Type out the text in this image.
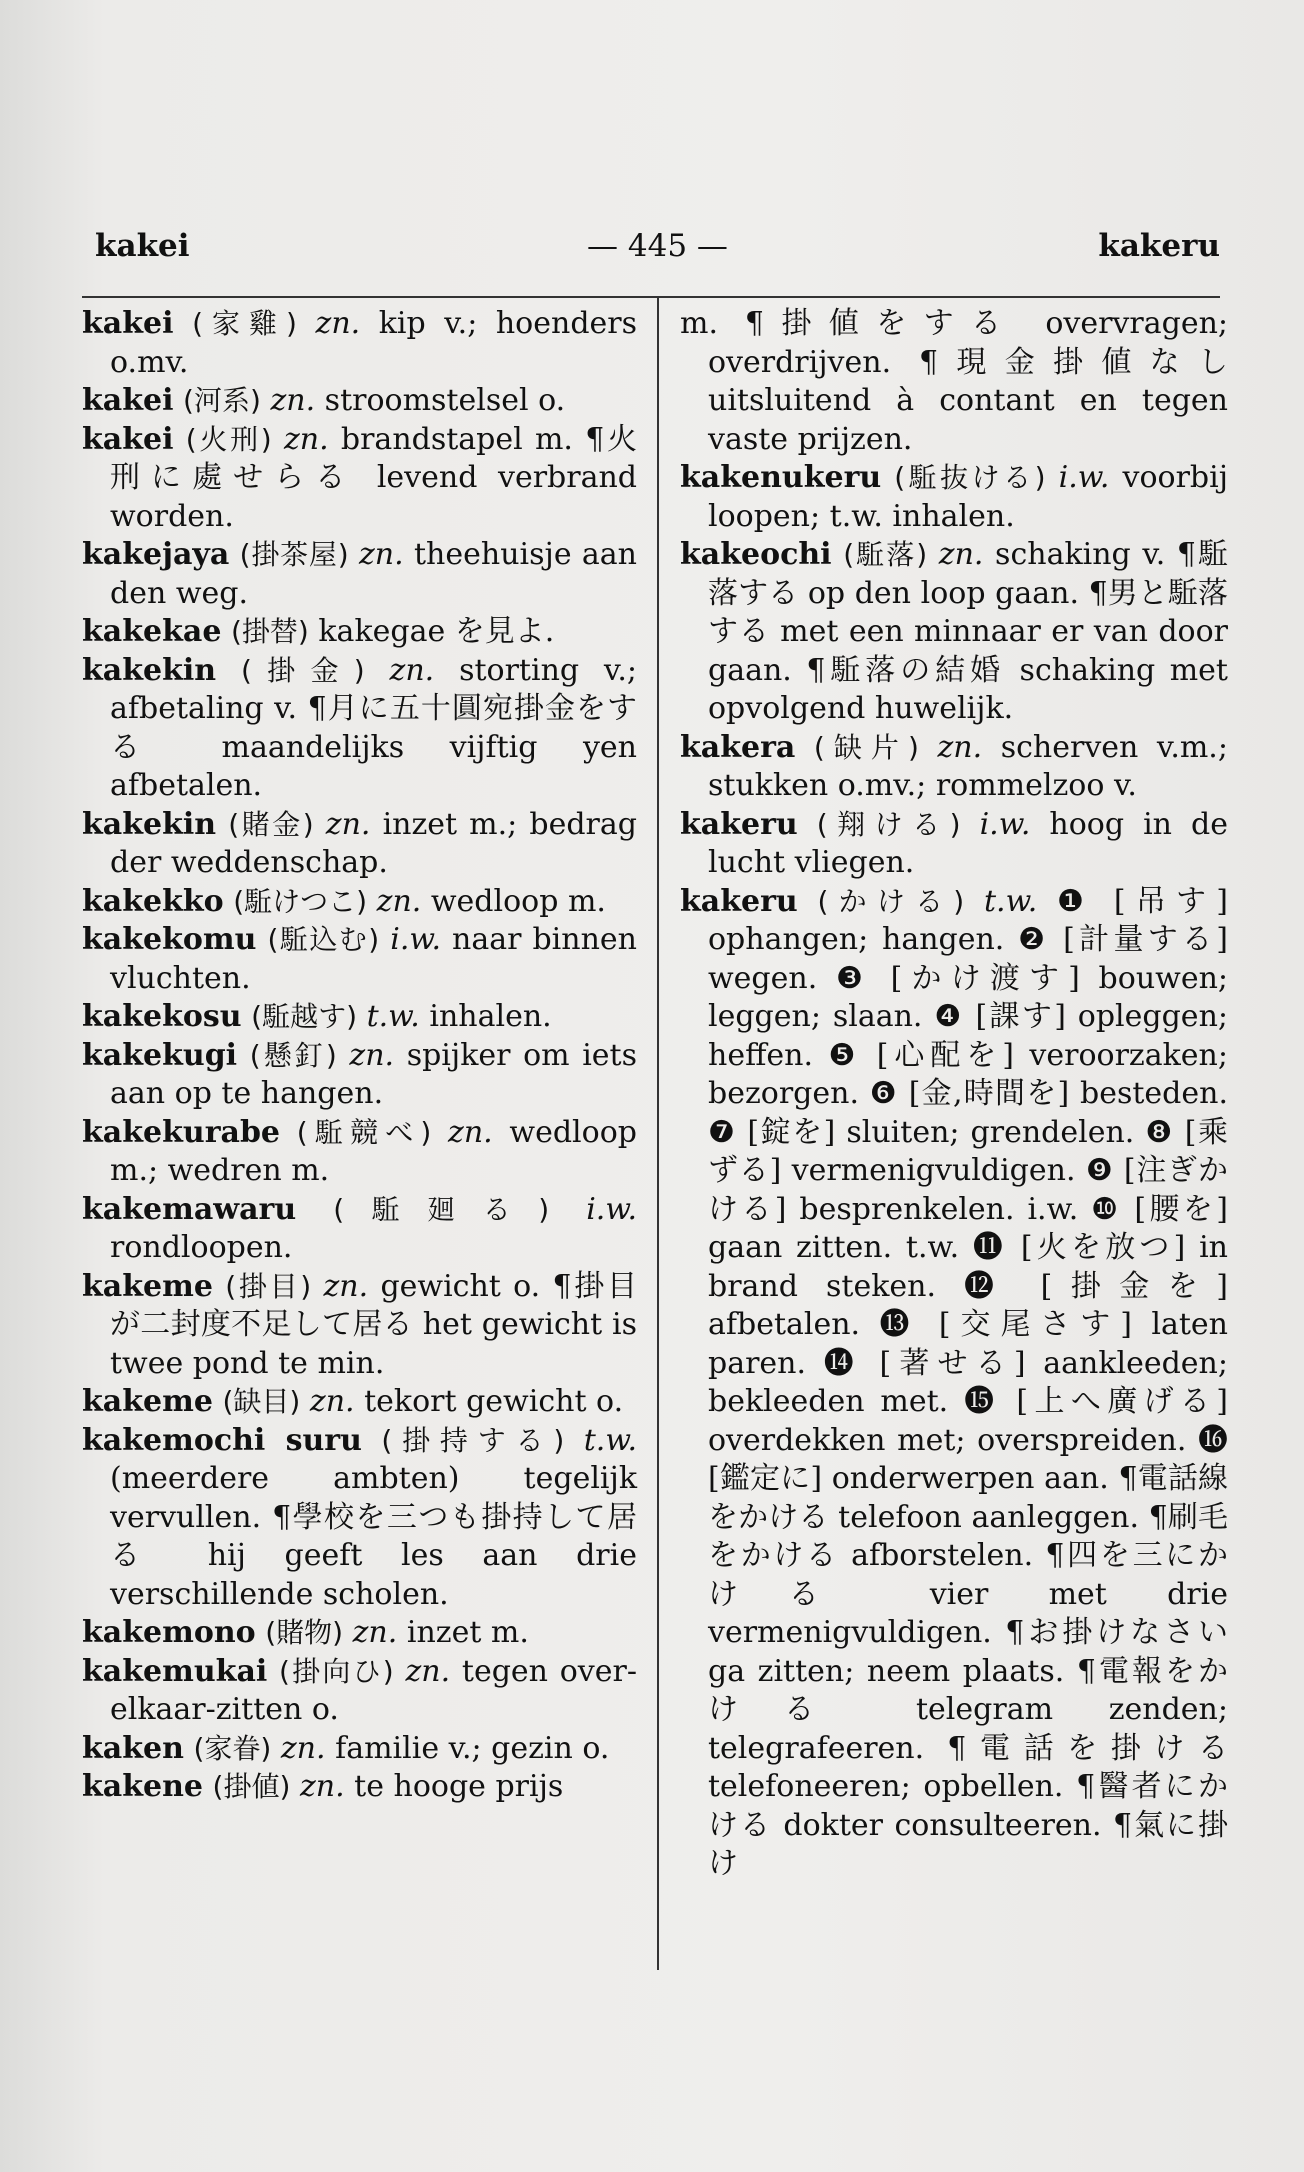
kakei	— 445 —	kakeru

kakei (家雞) zn. kip v.; hoenders o.mv.

kakei (河系) zn. stroomstelsel o.

kakei (火刑) zn. brandstapel m. ¶火刑に處せらる levend verbrand worden.

kakejaya (掛茶屋) zn. theehuisje aan den weg.

kakekae (掛替) kakegae を見よ.

kakekin (掛金) zn. storting v.; afbetaling v. ¶月に五十圓宛掛金をする maandelijks vijftig yen afbetalen.

kakekin (賭金) zn. inzet m.; bedrag der weddenschap.

kakekko (駈けつこ) zn. wedloop m.

kakekomu (駈込む) i.w. naar binnen vluchten.

kakekosu (駈越す) t.w. inhalen.

kakekugi (懸釘) zn. spijker om iets aan op te hangen.

kakekurabe (駈競べ) zn. wedloop m.; wedren m.

kakemawaru (駈廻る) i.w. rondloopen.

kakeme (掛目) zn. gewicht o. ¶掛目が二封度不足して居る het gewicht is twee pond te min.

kakeme (缺目) zn. tekort gewicht o.

kakemochi suru (掛持する) t.w. (meerdere ambten) tegelijk vervullen. ¶學校を三つも掛持して居る hij geeft les aan drie verschillende scholen.

kakemono (賭物) zn. inzet m.

kakemukai (掛向ひ) zn. tegen over-elkaar-zitten o.

kaken (家眷) zn. familie v.; gezin o.

kakene (掛値) zn. te hooge prijs

m. ¶掛値をする overvragen; overdrijven. ¶現金掛値なし uitsluitend à contant en tegen vaste prijzen.

kakenukeru (駈抜ける) i.w. voorbij loopen; t.w. inhalen.

kakeochi (駈落) zn. schaking v. ¶駈落する op den loop gaan. ¶男と駈落する met een minnaar er van door gaan. ¶駈落の結婚 schaking met opvolgend huwelijk.

kakera (缺片) zn. scherven v.m.; stukken o.mv.; rommelzoo v.

kakeru (翔ける) i.w. hoog in de lucht vliegen.

kakeru (かける) t.w. ❶ [吊す] ophangen; hangen. ❷ [計量する] wegen. ❸ [かけ渡す] bouwen; leggen; slaan. ❹ [課す] opleggen; heffen. ❺ [心配を] veroorzaken; bezorgen. ❻ [金,時間を] besteden. ❼ [錠を] sluiten; grendelen. ❽ [乘ずる] vermenigvuldigen. ❾ [注ぎかける] besprenkelen. i.w. ❿ [腰を] gaan zitten. t.w. ⓫ [火を放つ] in brand steken. ⓬ [掛金を] afbetalen. ⓭ [交尾さす] laten paren. ⓮ [著せる] aankleeden; bekleeden met. ⓯ [上へ廣げる] overdekken met; overspreiden. ⓰ [鑑定に] onderwerpen aan. ¶電話線をかける telefoon aanleggen. ¶刷毛をかける afborstelen. ¶四を三にかける vier met drie vermenigvuldigen. ¶お掛けなさい ga zitten; neem plaats. ¶電報をかける telegram zenden; telegrafeeren. ¶電話を掛ける telefoneeren; opbellen. ¶醫者にかける dokter consulteeren. ¶氣に掛け
